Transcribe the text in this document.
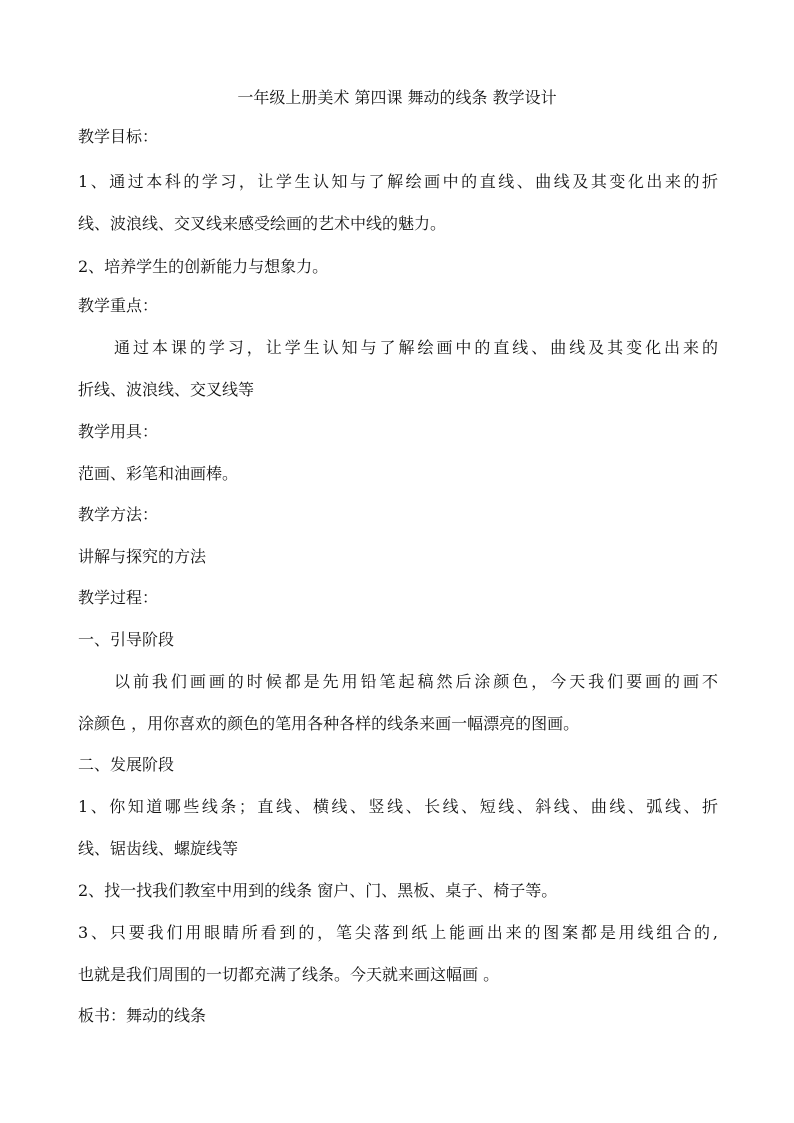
一年级上册美术 第四课 舞动的线条 教学设计
教学目标：
1、通过本科的学习，让学生认知与了解绘画中的直线、曲线及其变化出来的折
线、波浪线、交叉线来感受绘画的艺术中线的魅力。
2、培养学生的创新能力与想象力。
教学重点：
通过本课的学习，让学生认知与了解绘画中的直线、曲线及其变化出来的
折线、波浪线、交叉线等
教学用具：
范画、彩笔和油画棒。
教学方法：
讲解与探究的方法
教学过程：
一、引导阶段
以前我们画画的时候都是先用铅笔起稿然后涂颜色，今天我们要画的画不
涂颜色 ，用你喜欢的颜色的笔用各种各样的线条来画一幅漂亮的图画。
二、发展阶段
1、你知道哪些线条；直线、横线、竖线、长线、短线、斜线、曲线、弧线、折
线、锯齿线、螺旋线等
2、找一找我们教室中用到的线条 窗户、门、黑板、桌子、椅子等。
3、只要我们用眼睛所看到的，笔尖落到纸上能画出来的图案都是用线组合的,
也就是我们周围的一切都充满了线条。今天就来画这幅画 。
板书：舞动的线条
